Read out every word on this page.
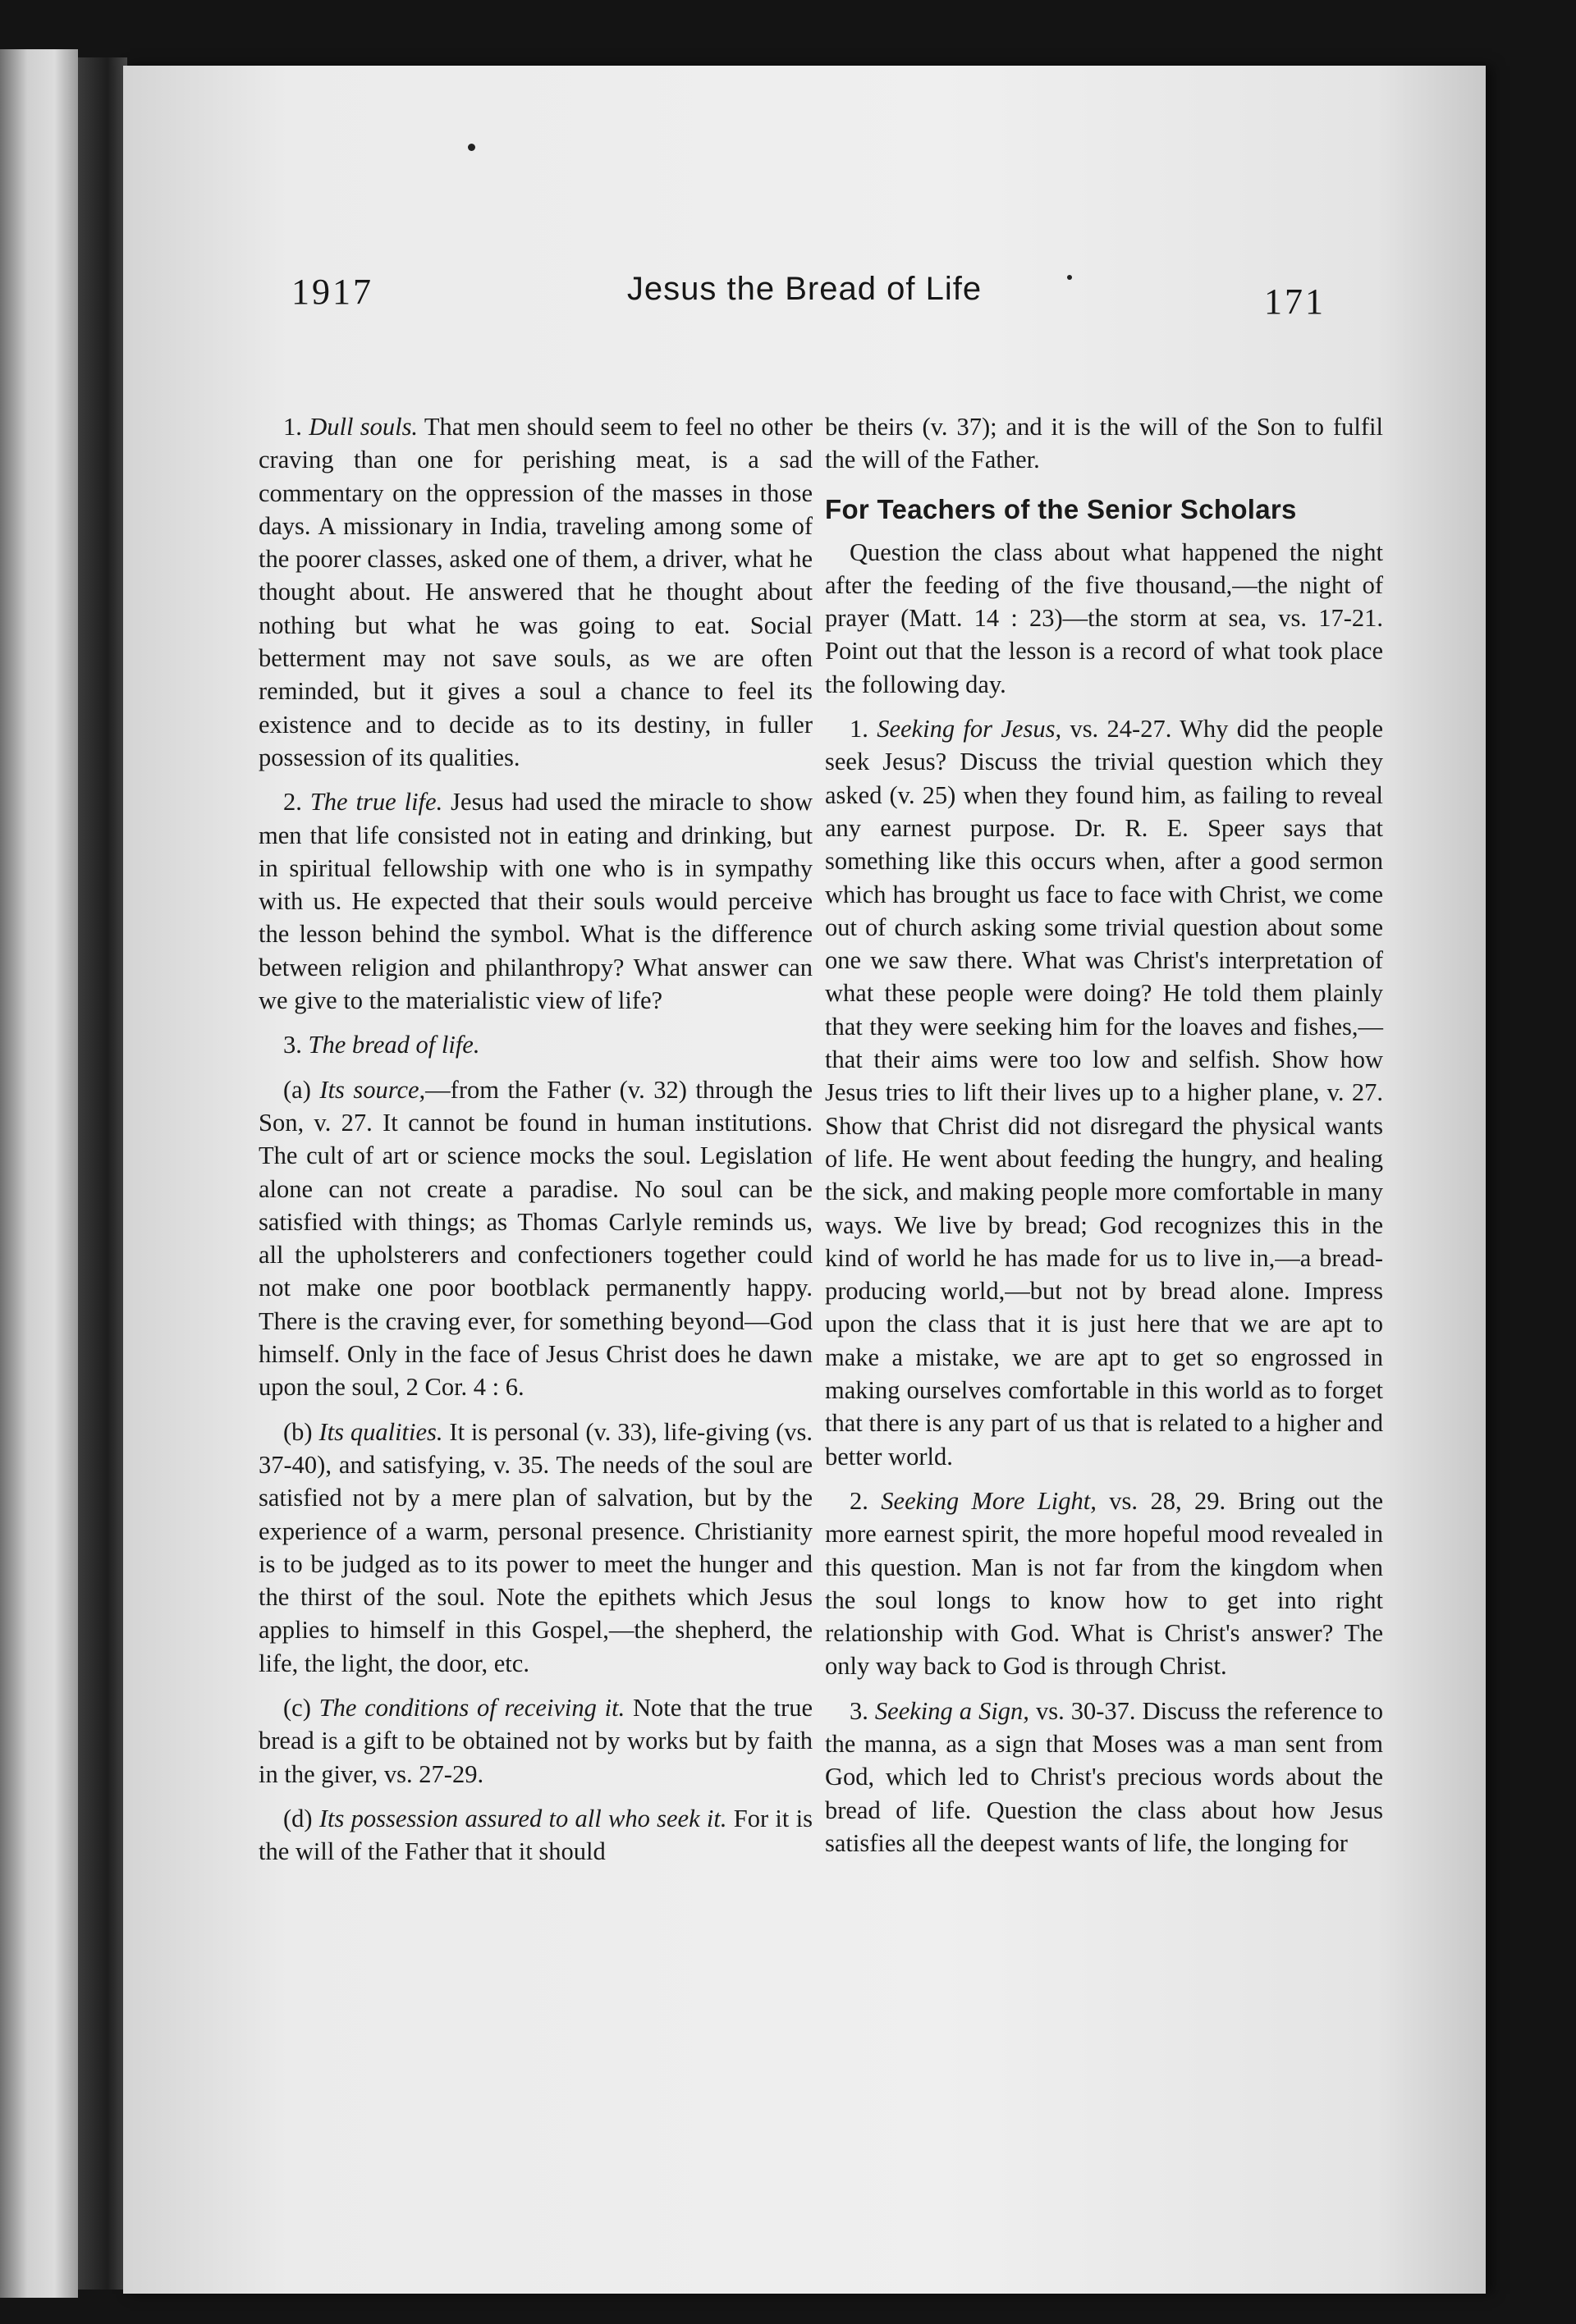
1917	Jesus the Bread of Life	171

1. Dull souls. That men should seem to feel no other craving than one for perishing meat, is a sad commentary on the oppression of the masses in those days. A missionary in India, traveling among some of the poorer classes, asked one of them, a driver, what he thought about. He answered that he thought about nothing but what he was going to eat. Social betterment may not save souls, as we are often reminded, but it gives a soul a chance to feel its existence and to decide as to its destiny, in fuller possession of its qualities.

2. The true life. Jesus had used the miracle to show men that life consisted not in eating and drinking, but in spiritual fellowship with one who is in sympathy with us. He expected that their souls would perceive the lesson behind the symbol. What is the difference between religion and philanthropy? What answer can we give to the materialistic view of life?

3. The bread of life.

(a) Its source,—from the Father (v. 32) through the Son, v. 27. It cannot be found in human institutions. The cult of art or science mocks the soul. Legislation alone can not create a paradise. No soul can be satisfied with things; as Thomas Carlyle reminds us, all the upholsterers and confectioners together could not make one poor bootblack permanently happy. There is the craving ever, for something beyond—God himself. Only in the face of Jesus Christ does he dawn upon the soul, 2 Cor. 4 : 6.

(b) Its qualities. It is personal (v. 33), life-giving (vs. 37-40), and satisfying, v. 35. The needs of the soul are satisfied not by a mere plan of salvation, but by the experience of a warm, personal presence. Christianity is to be judged as to its power to meet the hunger and the thirst of the soul. Note the epithets which Jesus applies to himself in this Gospel,—the shepherd, the life, the light, the door, etc.

(c) The conditions of receiving it. Note that the true bread is a gift to be obtained not by works but by faith in the giver, vs. 27-29.

(d) Its possession assured to all who seek it. For it is the will of the Father that it should

be theirs (v. 37); and it is the will of the Son to fulfil the will of the Father.

For Teachers of the Senior Scholars

Question the class about what happened the night after the feeding of the five thousand,—the night of prayer (Matt. 14 : 23)—the storm at sea, vs. 17-21. Point out that the lesson is a record of what took place the following day.

1. Seeking for Jesus, vs. 24-27. Why did the people seek Jesus? Discuss the trivial question which they asked (v. 25) when they found him, as failing to reveal any earnest purpose. Dr. R. E. Speer says that something like this occurs when, after a good sermon which has brought us face to face with Christ, we come out of church asking some trivial question about some one we saw there. What was Christ's interpretation of what these people were doing? He told them plainly that they were seeking him for the loaves and fishes,—that their aims were too low and selfish. Show how Jesus tries to lift their lives up to a higher plane, v. 27. Show that Christ did not disregard the physical wants of life. He went about feeding the hungry, and healing the sick, and making people more comfortable in many ways. We live by bread; God recognizes this in the kind of world he has made for us to live in,—a bread-producing world,—but not by bread alone. Impress upon the class that it is just here that we are apt to make a mistake, we are apt to get so engrossed in making ourselves comfortable in this world as to forget that there is any part of us that is related to a higher and better world.

2. Seeking More Light, vs. 28, 29. Bring out the more earnest spirit, the more hopeful mood revealed in this question. Man is not far from the kingdom when the soul longs to know how to get into right relationship with God. What is Christ's answer? The only way back to God is through Christ.

3. Seeking a Sign, vs. 30-37. Discuss the reference to the manna, as a sign that Moses was a man sent from God, which led to Christ's precious words about the bread of life. Question the class about how Jesus satisfies all the deepest wants of life, the longing for
